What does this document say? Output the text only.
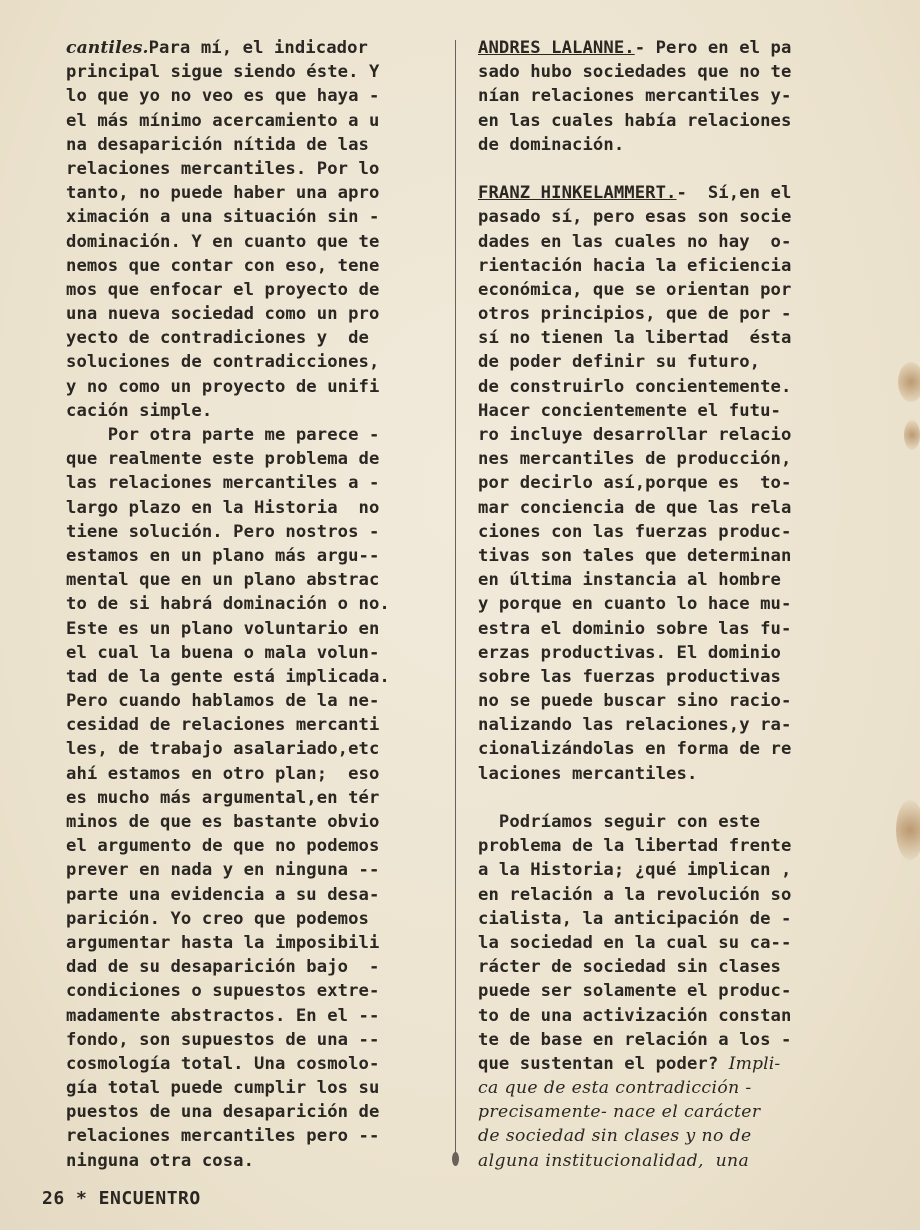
cantiles.Para mí, el indicador
principal sigue siendo éste. Y
lo que yo no veo es que haya -
el más mínimo acercamiento a u
na desaparición nítida de las
relaciones mercantiles. Por lo
tanto, no puede haber una apro
ximación a una situación sin -
dominación. Y en cuanto que te
nemos que contar con eso, tene
mos que enfocar el proyecto de
una nueva sociedad como un pro
yecto de contradiciones y  de
soluciones de contradicciones,
y no como un proyecto de unifi
cación simple.
Por otra parte me parece -
que realmente este problema de
las relaciones mercantiles a -
largo plazo en la Historia  no
tiene solución. Pero nostros -
estamos en un plano más argu--
mental que en un plano abstrac
to de si habrá dominación o no.
Este es un plano voluntario en
el cual la buena o mala volun-
tad de la gente está implicada.
Pero cuando hablamos de la ne-
cesidad de relaciones mercanti
les, de trabajo asalariado,etc
ahí estamos en otro plan;  eso
es mucho más argumental,en tér
minos de que es bastante obvio
el argumento de que no podemos
prever en nada y en ninguna --
parte una evidencia a su desa-
parición. Yo creo que podemos
argumentar hasta la imposibili
dad de su desaparición bajo  -
condiciones o supuestos extre-
madamente abstractos. En el --
fondo, son supuestos de una --
cosmología total. Una cosmolo-
gía total puede cumplir los su
puestos de una desaparición de
relaciones mercantiles pero --
ninguna otra cosa.
ANDRES LALANNE.- Pero en el pa
sado hubo sociedades que no te
nían relaciones mercantiles y-
en las cuales había relaciones
de dominación.
FRANZ HINKELAMMERT.-  Sí,en el
pasado sí, pero esas son socie
dades en las cuales no hay  o-
rientación hacia la eficiencia
económica, que se orientan por
otros principios, que de por -
sí no tienen la libertad  ésta
de poder definir su futuro,
de construirlo concientemente.
Hacer concientemente el futu-
ro incluye desarrollar relacio
nes mercantiles de producción,
por decirlo así,porque es  to-
mar conciencia de que las rela
ciones con las fuerzas produc-
tivas son tales que determinan
en última instancia al hombre
y porque en cuanto lo hace mu-
estra el dominio sobre las fu-
erzas productivas. El dominio
sobre las fuerzas productivas
no se puede buscar sino racio-
nalizando las relaciones,y ra-
cionalizándolas en forma de re
laciones mercantiles.
Podríamos seguir con este
problema de la libertad frente
a la Historia; ¿qué implican ,
en relación a la revolución so
cialista, la anticipación de -
la sociedad en la cual su ca--
rácter de sociedad sin clases
puede ser solamente el produc-
to de una activización constan
te de base en relación a los -
que sustentan el poder? Impli-
ca que de esta contradicción -
precisamente- nace el carácter
de sociedad sin clases y no de
alguna institucionalidad,  una
26 * ENCUENTRO
